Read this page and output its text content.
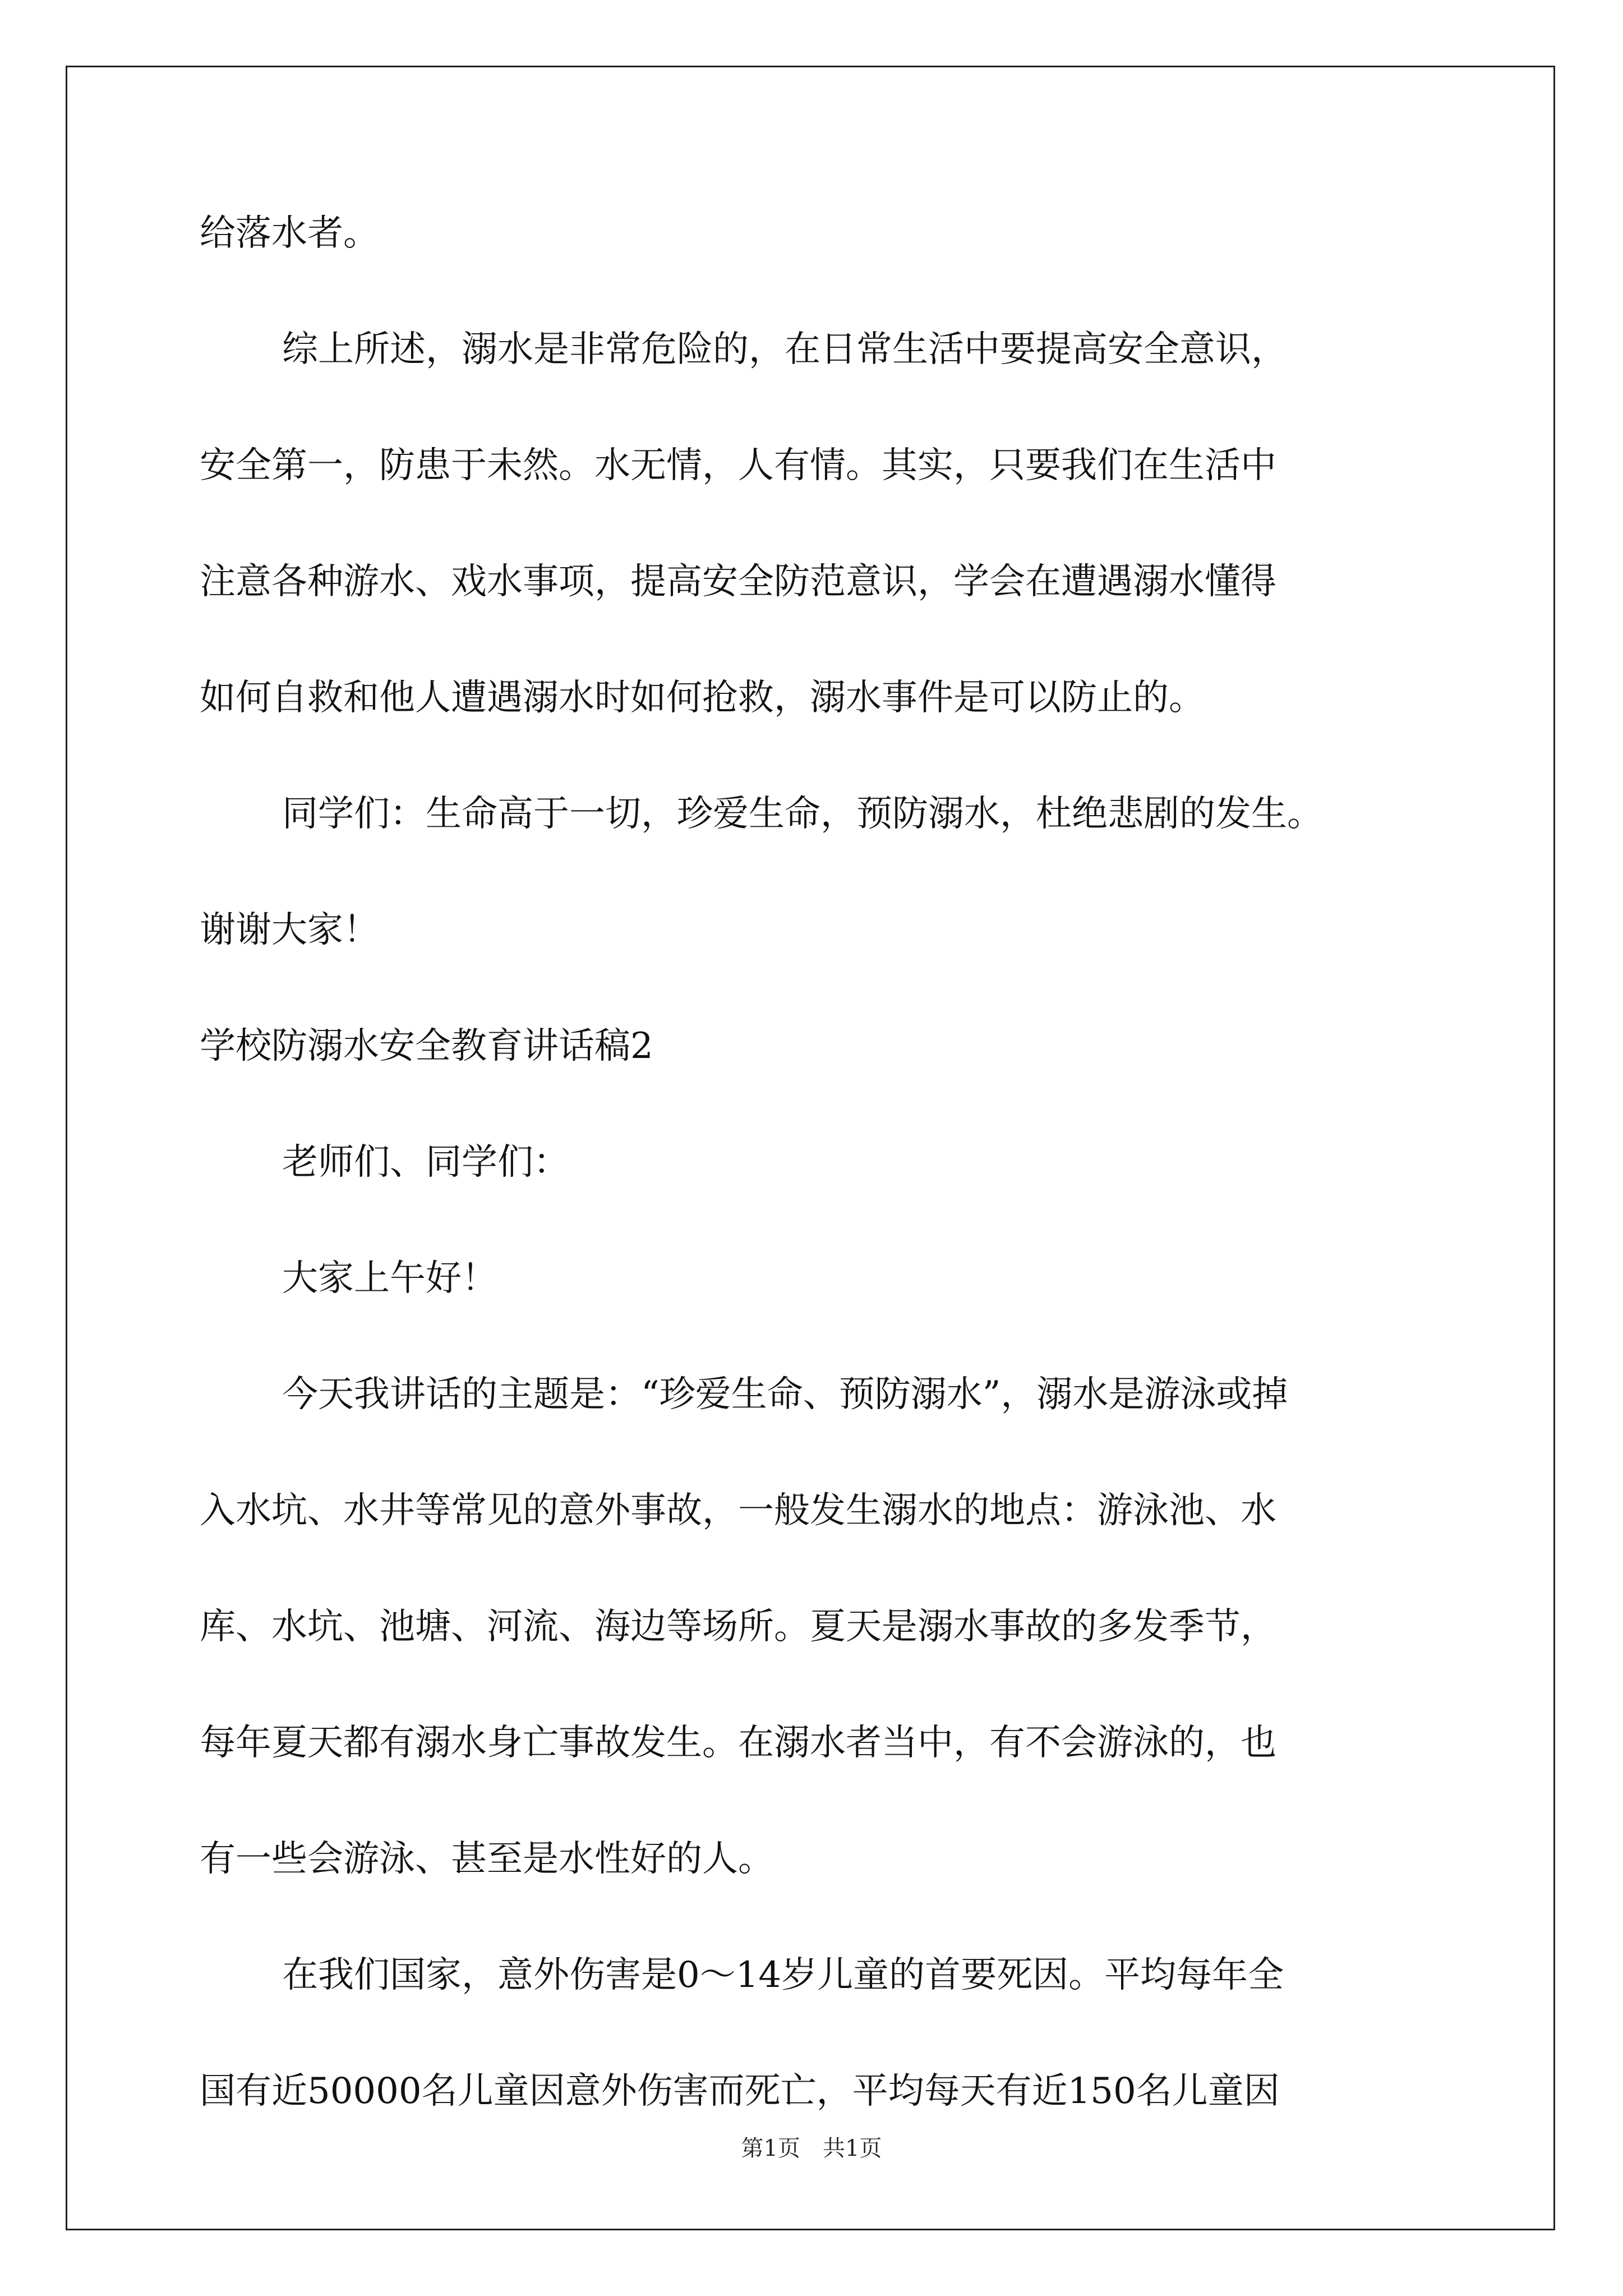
给落水者。
综上所述，溺水是非常危险的，在日常生活中要提高安全意识，
安全第一，防患于未然。水无情，人有情。其实，只要我们在生活中
注意各种游水、戏水事项，提高安全防范意识，学会在遭遇溺水懂得
如何自救和他人遭遇溺水时如何抢救，溺水事件是可以防止的。
同学们：生命高于一切，珍爱生命，预防溺水，杜绝悲剧的发生。
谢谢大家！
学校防溺水安全教育讲话稿2
老师们、同学们：
大家上午好！
今天我讲话的主题是：“珍爱生命、预防溺水”，溺水是游泳或掉
入水坑、水井等常见的意外事故，一般发生溺水的地点：游泳池、水
库、水坑、池塘、河流、海边等场所。夏天是溺水事故的多发季节，
每年夏天都有溺水身亡事故发生。在溺水者当中，有不会游泳的，也
有一些会游泳、甚至是水性好的人。
在我们国家，意外伤害是0～14岁儿童的首要死因。平均每年全
国有近50000名儿童因意外伤害而死亡，平均每天有近150名儿童因
第1页　共1页
